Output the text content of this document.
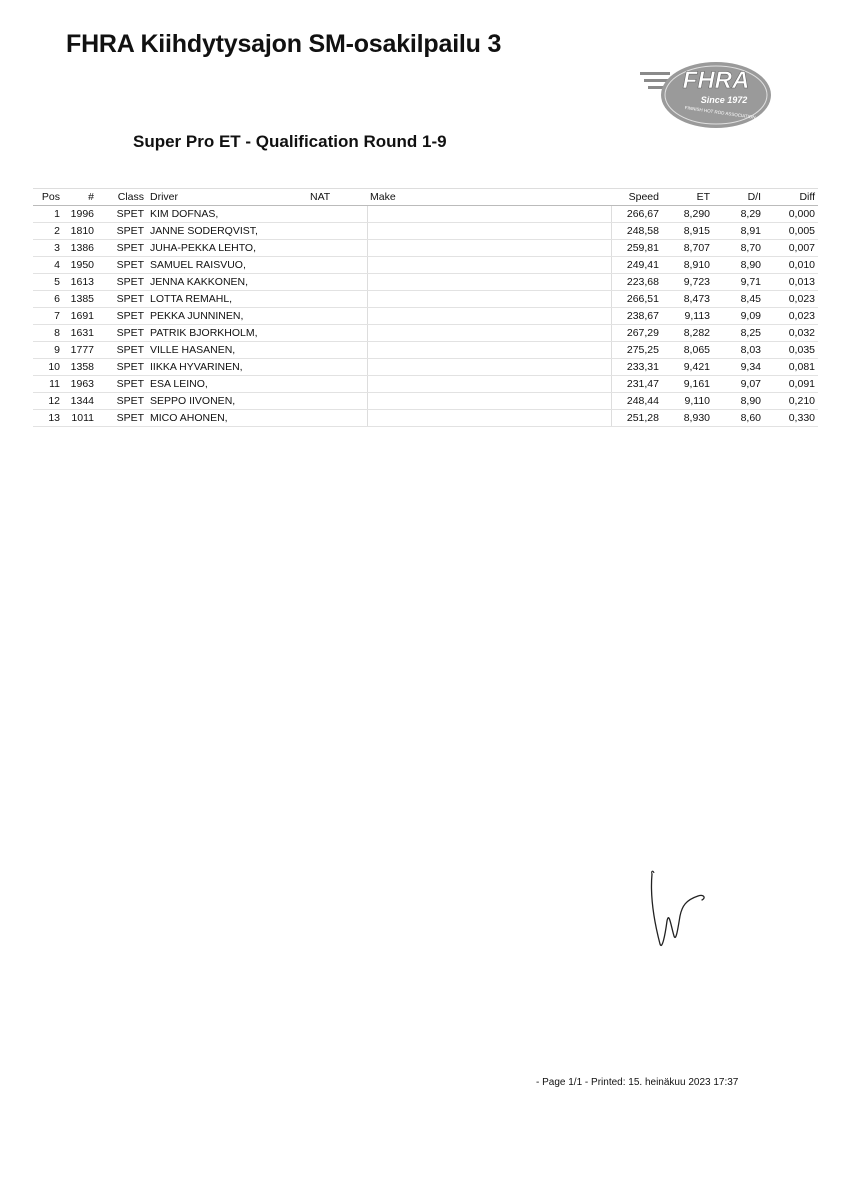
FHRA Kiihdytysajon SM-osakilpailu 3
FHRA
Since 1972
FINNISH HOT ROD ASSOCIATION
Super Pro ET - Qualification Round 1-9
Pos	#	Class	Driver	NAT	Make	Speed	ET	D/I	Diff
1	1996	SPET	KIM DOFNAS,			266,67	8,290	8,29	0,000
2	1810	SPET	JANNE SODERQVIST,			248,58	8,915	8,91	0,005
3	1386	SPET	JUHA-PEKKA LEHTO,			259,81	8,707	8,70	0,007
4	1950	SPET	SAMUEL RAISVUO,			249,41	8,910	8,90	0,010
5	1613	SPET	JENNA KAKKONEN,			223,68	9,723	9,71	0,013
6	1385	SPET	LOTTA REMAHL,			266,51	8,473	8,45	0,023
7	1691	SPET	PEKKA JUNNINEN,			238,67	9,113	9,09	0,023
8	1631	SPET	PATRIK BJORKHOLM,			267,29	8,282	8,25	0,032
9	1777	SPET	VILLE HASANEN,			275,25	8,065	8,03	0,035
10	1358	SPET	IIKKA HYVARINEN,			233,31	9,421	9,34	0,081
11	1963	SPET	ESA LEINO,			231,47	9,161	9,07	0,091
12	1344	SPET	SEPPO IIVONEN,			248,44	9,110	8,90	0,210
13	1011	SPET	MICO AHONEN,			251,28	8,930	8,60	0,330
- Page 1/1 - Printed: 15. heinäkuu 2023 17:37
